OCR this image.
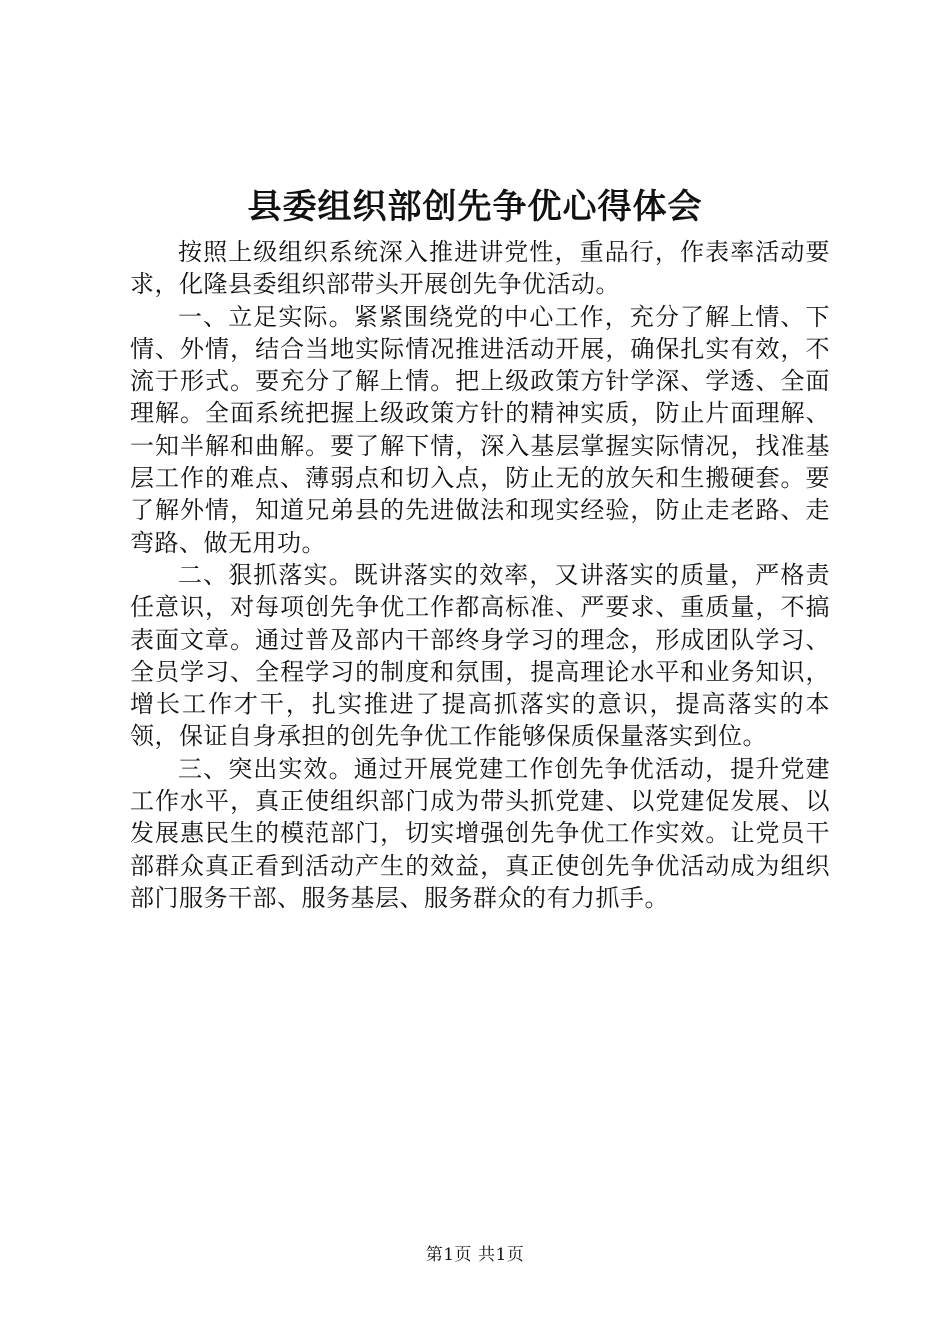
县委组织部创先争优心得体会

按照上级组织系统深入推进讲党性，重品行，作表率活动要求，化隆县委组织部带头开展创先争优活动。

一、立足实际。紧紧围绕党的中心工作，充分了解上情、下情、外情，结合当地实际情况推进活动开展，确保扎实有效，不流于形式。要充分了解上情。把上级政策方针学深、学透、全面理解。全面系统把握上级政策方针的精神实质，防止片面理解、一知半解和曲解。要了解下情，深入基层掌握实际情况，找准基层工作的难点、薄弱点和切入点，防止无的放矢和生搬硬套。要了解外情，知道兄弟县的先进做法和现实经验，防止走老路、走弯路、做无用功。

二、狠抓落实。既讲落实的效率，又讲落实的质量，严格责任意识，对每项创先争优工作都高标准、严要求、重质量，不搞表面文章。通过普及部内干部终身学习的理念，形成团队学习、全员学习、全程学习的制度和氛围，提高理论水平和业务知识，增长工作才干，扎实推进了提高抓落实的意识，提高落实的本领，保证自身承担的创先争优工作能够保质保量落实到位。

三、突出实效。通过开展党建工作创先争优活动，提升党建工作水平，真正使组织部门成为带头抓党建、以党建促发展、以发展惠民生的模范部门，切实增强创先争优工作实效。让党员干部群众真正看到活动产生的效益，真正使创先争优活动成为组织部门服务干部、服务基层、服务群众的有力抓手。

第1页 共1页
